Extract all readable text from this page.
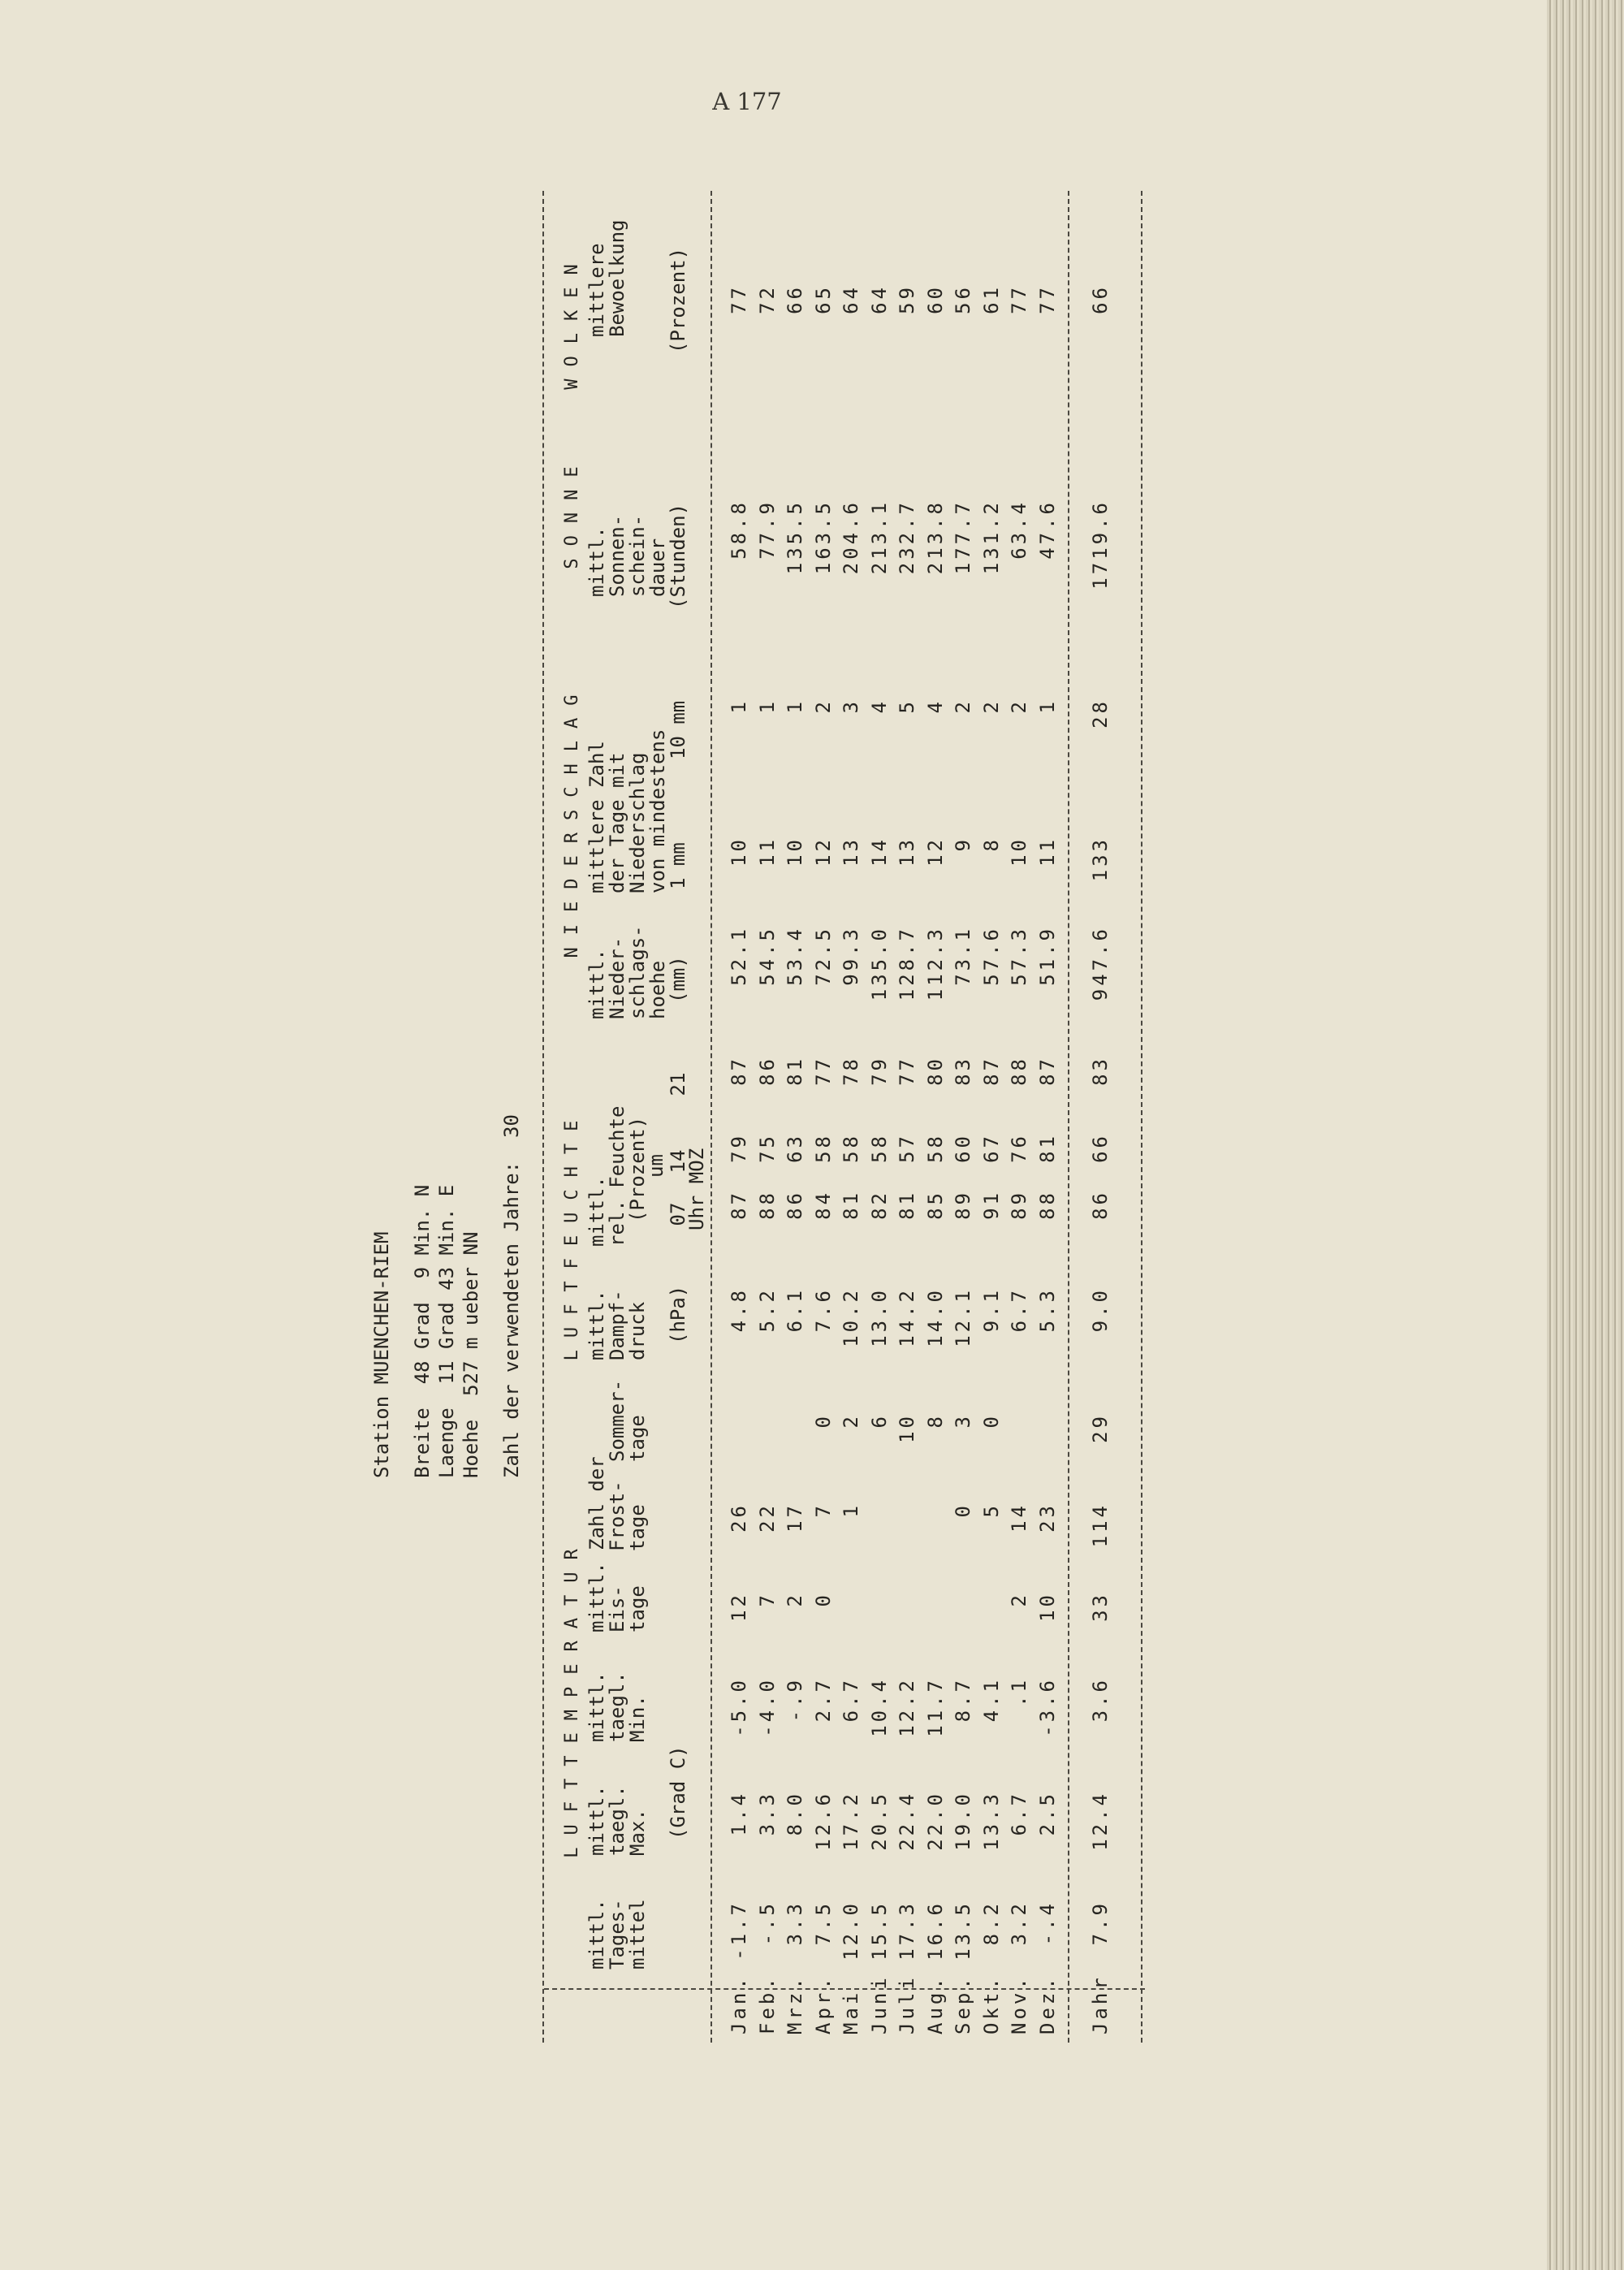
A 177
Station MUENCHEN-RIEM Breite  48 Grad  9 Min. N Laenge  11 Grad 43 Min. E Hoehe  527 m ueber NN Zahl der verwendeten Jahre:  30
LUFTTEMPERATUR
LUFTFEUCHTE
NIEDERSCHLAG
SONNE
WOLKEN
mittl.
Tages-
mittel
mittl.
taegl.
Max. (Grad C)
mittl.
taegl.
Min.
mittl. Zahl der
Eis-
tage
Frost-
tage
Sommer-
tage
mittl.
Dampf-
druck (hPa)
mittl.
rel. Feuchte
(Prozent)
um
07
14
21
Uhr MOZ
mittl.
Nieder-
schlags-
hoehe
(mm)
mittlere Zahl
der Tage mit
Niederschlag
von mindestens
1 mm
10 mm
mittl.
Sonnen-
schein-
dauer
(Stunden)
mittlere
Bewoelkung (Prozent)
Jan.
-1.7
1.4
-5.0
12
26
4.8
87
79
87
52.1
10
1
58.8
77
Feb.
-.5
3.3
-4.0
7
22
5.2
88
75
86
54.5
11
1
77.9
72
Mrz.
3.3
8.0
-.9
2
17
6.1
86
63
81
53.4
10
1
135.5
66
Apr.
7.5
12.6
2.7
0
7
0
7.6
84
58
77
72.5
12
2
163.5
65
Mai
12.0
17.2
6.7
1
2
10.2
81
58
78
99.3
13
3
204.6
64
Juni
15.5
20.5
10.4
6
13.0
82
58
79
135.0
14
4
213.1
64
Juli
17.3
22.4
12.2
10
14.2
81
57
77
128.7
13
5
232.7
59
Aug.
16.6
22.0
11.7
8
14.0
85
58
80
112.3
12
4
213.8
60
Sep.
13.5
19.0
8.7
0
3
12.1
89
60
83
73.1
9
2
177.7
56
Okt.
8.2
13.3
4.1
5
0
9.1
91
67
87
57.6
8
2
131.2
61
Nov.
3.2
6.7
.1
2
14
6.7
89
76
88
57.3
10
2
63.4
77
Dez.
-.4
2.5
-3.6
10
23
5.3
88
81
87
51.9
11
1
47.6
77
Jahr
7.9
12.4
3.6
33
114
29
9.0
86
66
83
947.6
133
28
1719.6
66
